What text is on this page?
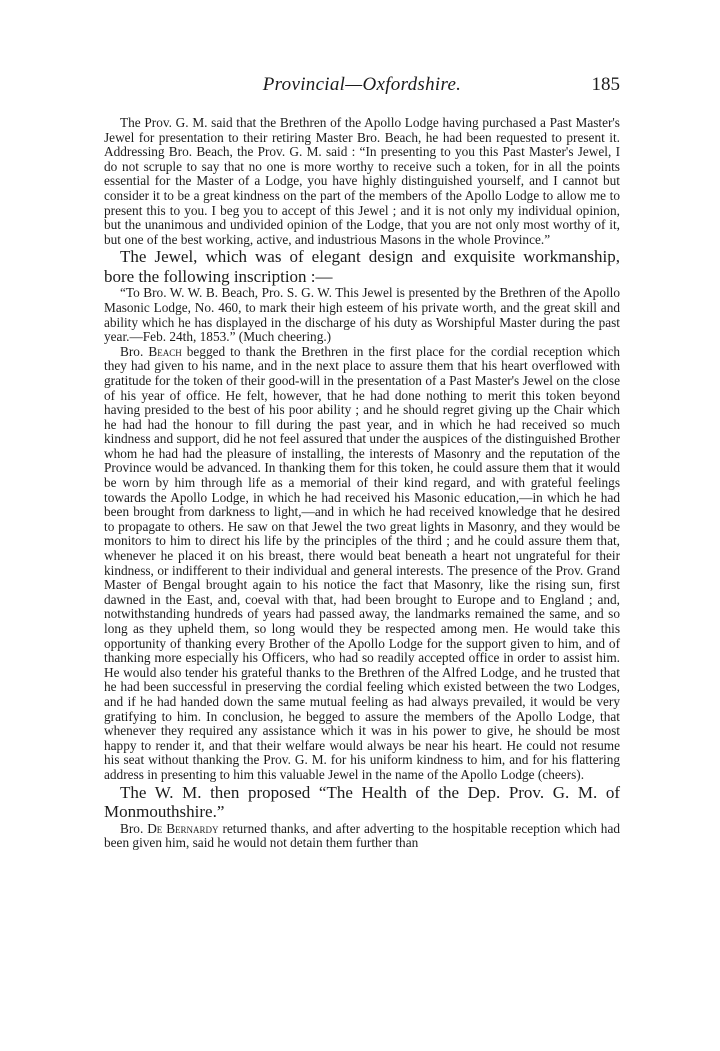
Provincial—Oxfordshire.	185

The Prov. G. M. said that the Brethren of the Apollo Lodge having purchased a Past Master's Jewel for presentation to their retiring Master Bro. Beach, he had been requested to present it. Addressing Bro. Beach, the Prov. G. M. said : “In presenting to you this Past Master's Jewel, I do not scruple to say that no one is more worthy to receive such a token, for in all the points essential for the Master of a Lodge, you have highly distinguished yourself, and I cannot but consider it to be a great kindness on the part of the members of the Apollo Lodge to allow me to present this to you. I beg you to accept of this Jewel ; and it is not only my individual opinion, but the unanimous and undivided opinion of the Lodge, that you are not only most worthy of it, but one of the best working, active, and industrious Masons in the whole Province.”

The Jewel, which was of elegant design and exquisite workmanship, bore the following inscription :—

“To Bro. W. W. B. Beach, Pro. S. G. W. This Jewel is presented by the Brethren of the Apollo Masonic Lodge, No. 460, to mark their high esteem of his private worth, and the great skill and ability which he has displayed in the discharge of his duty as Worshipful Master during the past year.—Feb. 24th, 1853.” (Much cheering.)

Bro. Beach begged to thank the Brethren in the first place for the cordial reception which they had given to his name, and in the next place to assure them that his heart overflowed with gratitude for the token of their good-will in the presentation of a Past Master's Jewel on the close of his year of office. He felt, however, that he had done nothing to merit this token beyond having presided to the best of his poor ability ; and he should regret giving up the Chair which he had had the honour to fill during the past year, and in which he had received so much kindness and support, did he not feel assured that under the auspices of the distinguished Brother whom he had had the pleasure of installing, the interests of Masonry and the reputation of the Province would be advanced. In thanking them for this token, he could assure them that it would be worn by him through life as a memorial of their kind regard, and with grateful feelings towards the Apollo Lodge, in which he had received his Masonic education,—in which he had been brought from darkness to light,—and in which he had received knowledge that he desired to propagate to others. He saw on that Jewel the two great lights in Masonry, and they would be monitors to him to direct his life by the principles of the third ; and he could assure them that, whenever he placed it on his breast, there would beat beneath a heart not ungrateful for their kindness, or indifferent to their individual and general interests. The presence of the Prov. Grand Master of Bengal brought again to his notice the fact that Masonry, like the rising sun, first dawned in the East, and, coeval with that, had been brought to Europe and to England ; and, notwithstanding hundreds of years had passed away, the landmarks remained the same, and so long as they upheld them, so long would they be respected among men. He would take this opportunity of thanking every Brother of the Apollo Lodge for the support given to him, and of thanking more especially his Officers, who had so readily accepted office in order to assist him. He would also tender his grateful thanks to the Brethren of the Alfred Lodge, and he trusted that he had been successful in preserving the cordial feeling which existed between the two Lodges, and if he had handed down the same mutual feeling as had always prevailed, it would be very gratifying to him. In conclusion, he begged to assure the members of the Apollo Lodge, that whenever they required any assistance which it was in his power to give, he should be most happy to render it, and that their welfare would always be near his heart. He could not resume his seat without thanking the Prov. G. M. for his uniform kindness to him, and for his flattering address in presenting to him this valuable Jewel in the name of the Apollo Lodge (cheers).

The W. M. then proposed “The Health of the Dep. Prov. G. M. of Monmouthshire.”

Bro. De Bernardy returned thanks, and after adverting to the hospitable reception which had been given him, said he would not detain them further than
